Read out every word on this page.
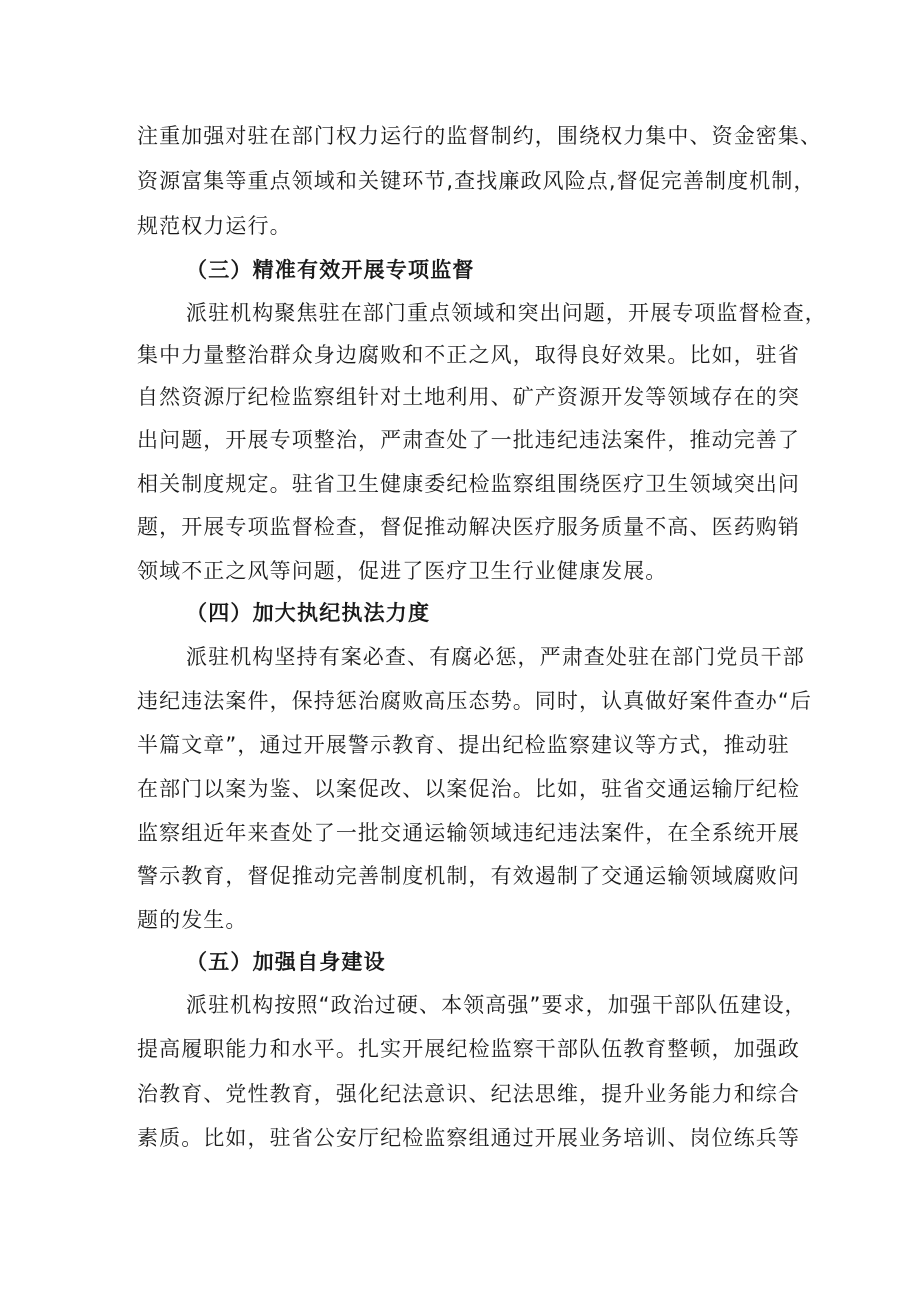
注重加强对驻在部门权力运行的监督制约，围绕权力集中、资金密集、
资源富集等重点领域和关键环节,查找廉政风险点,督促完善制度机制，
规范权力运行。
（三）精准有效开展专项监督
派驻机构聚焦驻在部门重点领域和突出问题，开展专项监督检查，
集中力量整治群众身边腐败和不正之风，取得良好效果。比如，驻省
自然资源厅纪检监察组针对土地利用、矿产资源开发等领域存在的突
出问题，开展专项整治，严肃查处了一批违纪违法案件，推动完善了
相关制度规定。驻省卫生健康委纪检监察组围绕医疗卫生领域突出问
题，开展专项监督检查，督促推动解决医疗服务质量不高、医药购销
领域不正之风等问题，促进了医疗卫生行业健康发展。
（四）加大执纪执法力度
派驻机构坚持有案必查、有腐必惩，严肃查处驻在部门党员干部
违纪违法案件，保持惩治腐败高压态势。同时，认真做好案件查办“后
半篇文章”，通过开展警示教育、提出纪检监察建议等方式，推动驻
在部门以案为鉴、以案促改、以案促治。比如，驻省交通运输厅纪检
监察组近年来查处了一批交通运输领域违纪违法案件，在全系统开展
警示教育，督促推动完善制度机制，有效遏制了交通运输领域腐败问
题的发生。
（五）加强自身建设
派驻机构按照“政治过硬、本领高强”要求，加强干部队伍建设，
提高履职能力和水平。扎实开展纪检监察干部队伍教育整顿，加强政
治教育、党性教育，强化纪法意识、纪法思维，提升业务能力和综合
素质。比如，驻省公安厅纪检监察组通过开展业务培训、岗位练兵等
